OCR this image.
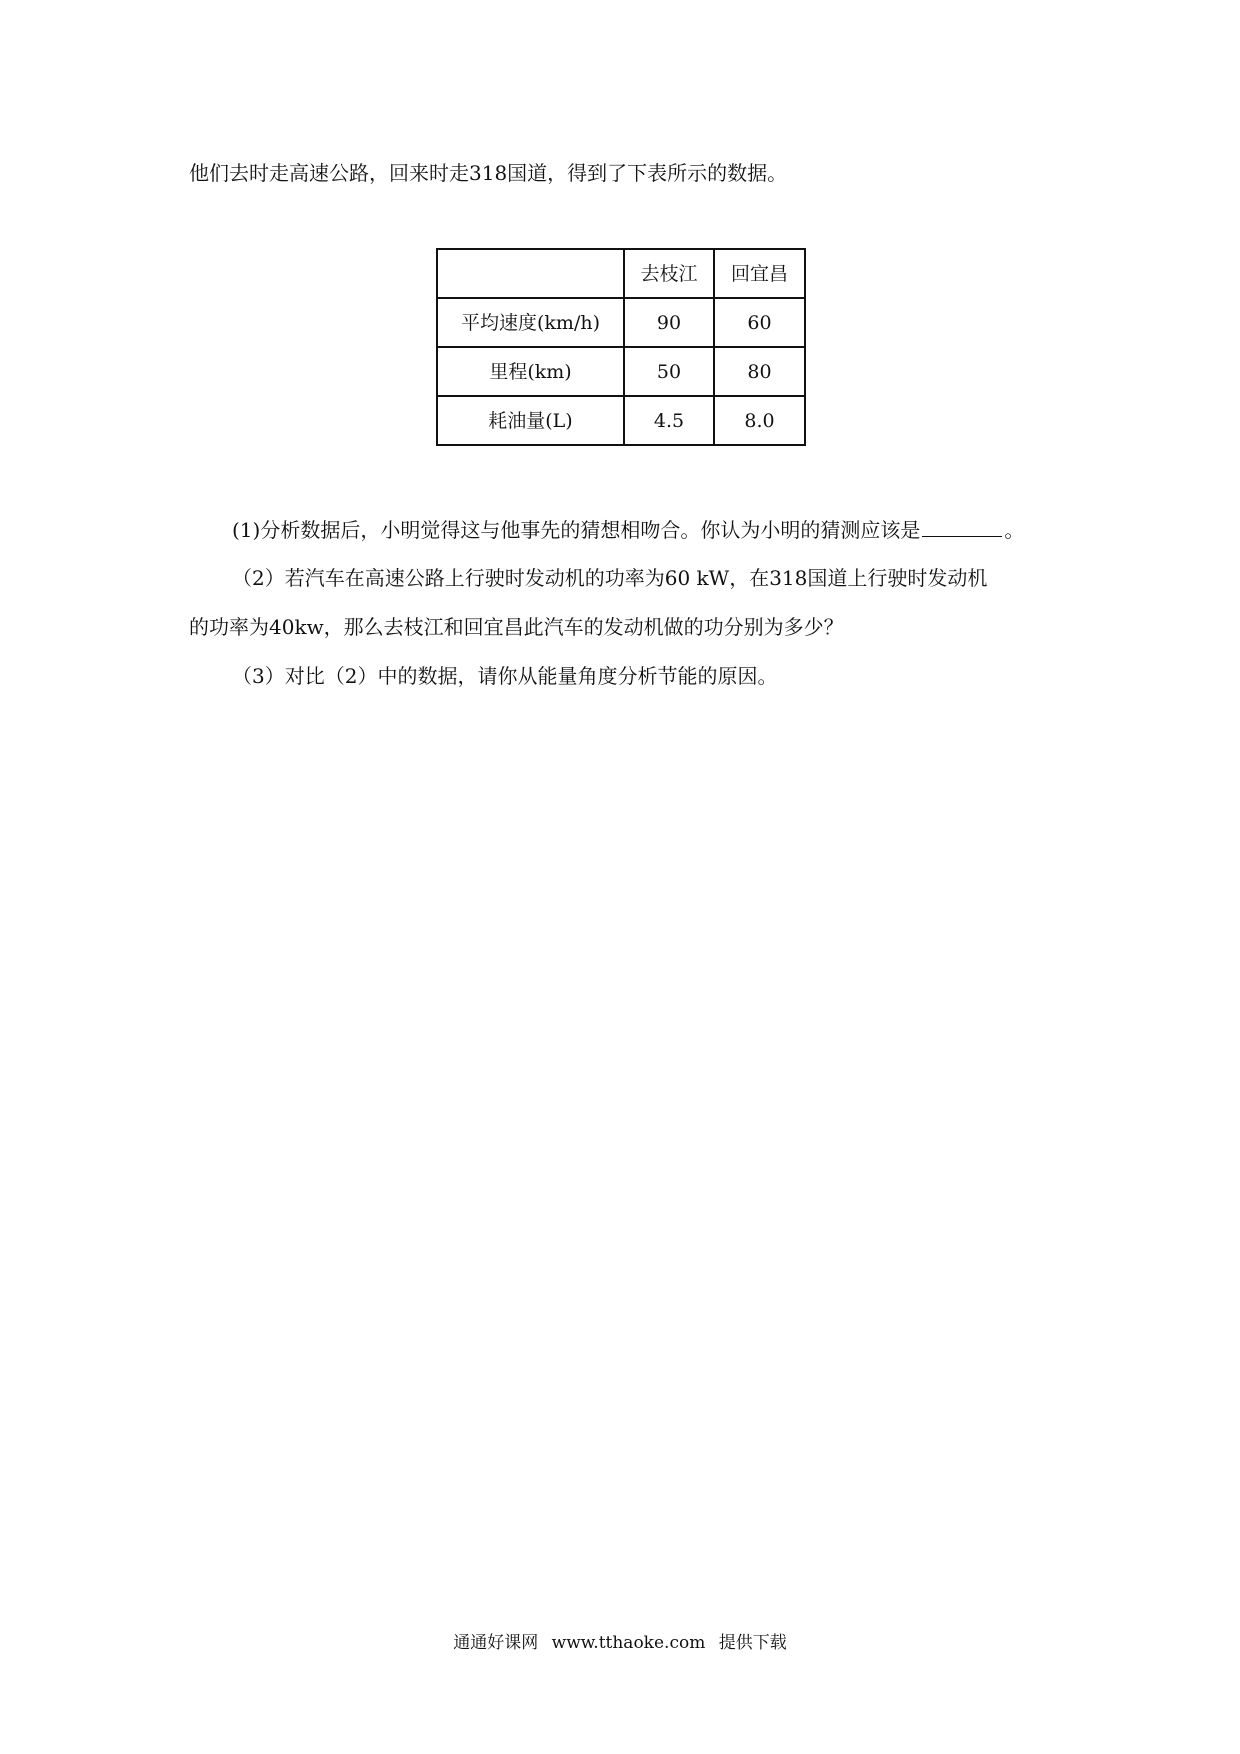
他们去时走高速公路，回来时走318国道，得到了下表所示的数据。
	去枝江	回宜昌
平均速度(km/h)	90	60
里程(km)	50	80
耗油量(L)	4.5	8.0
(1)分析数据后，小明觉得这与他事先的猜想相吻合。你认为小明的猜测应该是	。
（2）若汽车在高速公路上行驶时发动机的功率为60 kW，在318国道上行驶时发动机
的功率为40kw，那么去枝江和回宜昌此汽车的发动机做的功分别为多少？
（3）对比（2）中的数据，请你从能量角度分析节能的原因。
通通好课网 www.tthaoke.com 提供下载
